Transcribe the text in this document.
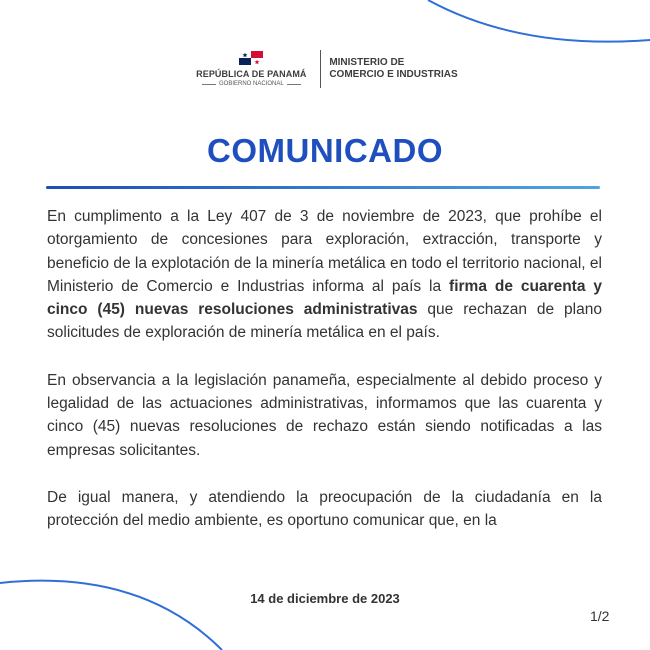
REPÚBLICA DE PANAMÁ
GOBIERNO NACIONAL
MINISTERIO DE
COMERCIO E INDUSTRIAS
COMUNICADO

En cumplimento a la Ley 407 de 3 de noviembre de 2023, que prohíbe el otorgamiento de concesiones para exploración, extracción, transporte y beneficio de la explotación de la minería metálica en todo el territorio nacional, el Ministerio de Comercio e Industrias informa al país la firma de cuarenta y cinco (45) nuevas resoluciones administrativas que rechazan de plano solicitudes de exploración de minería metálica en el país.

En observancia a la legislación panameña, especialmente al debido proceso y legalidad de las actuaciones administrativas, informamos que las cuarenta y cinco (45) nuevas resoluciones de rechazo están siendo notificadas a las empresas solicitantes.

De igual manera, y atendiendo la preocupación de la ciudadanía en la protección del medio ambiente, es oportuno comunicar que, en la

14 de diciembre de 2023
1/2
